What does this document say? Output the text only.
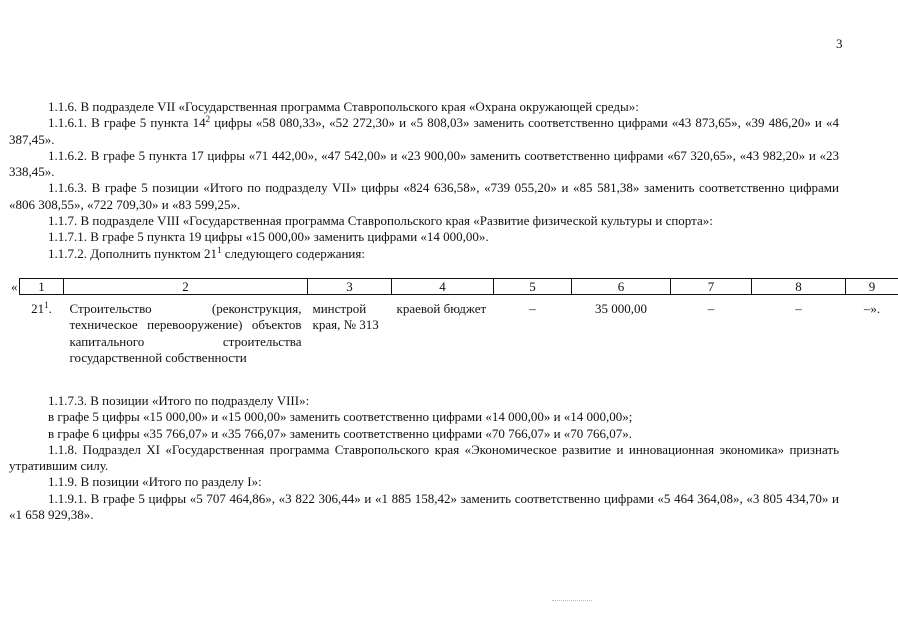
3

1.1.6. В подразделе VII «Государственная программа Ставропольского края «Охрана окружающей среды»:

1.1.6.1. В графе 5 пункта $14^2$ цифры «58 080,33», «52 272,30» и «5 808,03» заменить соответственно цифрами «43 873,65», «39 486,20» и «4 387,45».

1.1.6.2. В графе 5 пункта 17 цифры «71 442,00», «47 542,00» и «23 900,00» заменить соответственно цифрами «67 320,65», «43 982,20» и «23 338,45».

1.1.6.3. В графе 5 позиции «Итого по подразделу VII» цифры «824 636,58», «739 055,20» и «85 581,38» заменить соответственно цифрами «806 308,55», «722 709,30» и «83 599,25».

1.1.7. В подразделе VIII «Государственная программа Ставропольского края «Развитие физической культуры и спорта»:

1.1.7.1. В графе 5 пункта 19 цифры «15 000,00» заменить цифрами «14 000,00».

1.1.7.2. Дополнить пунктом $21^1$ следующего содержания:

« 1	2	3	4	5	6	7	8	9
$21^1$.	Строительство (реконструкция, техническое перевооружение) объектов капитального строительства государственной собственности	минстрой края, № 313	краевой бюджет	–	35 000,00	–	–	–».

1.1.7.3. В позиции «Итого по подразделу VIII»:

в графе 5 цифры «15 000,00» и «15 000,00» заменить соответственно цифрами «14 000,00» и «14 000,00»;

в графе 6 цифры «35 766,07» и «35 766,07» заменить соответственно цифрами «70 766,07» и «70 766,07».

1.1.8. Подраздел XI «Государственная программа Ставропольского края «Экономическое развитие и инновационная экономика» признать утратившим силу.

1.1.9. В позиции «Итого по разделу I»:

1.1.9.1. В графе 5 цифры «5 707 464,86», «3 822 306,44» и «1 885 158,42» заменить соответственно цифрами «5 464 364,08», «3 805 434,70» и «1 658 929,38».
